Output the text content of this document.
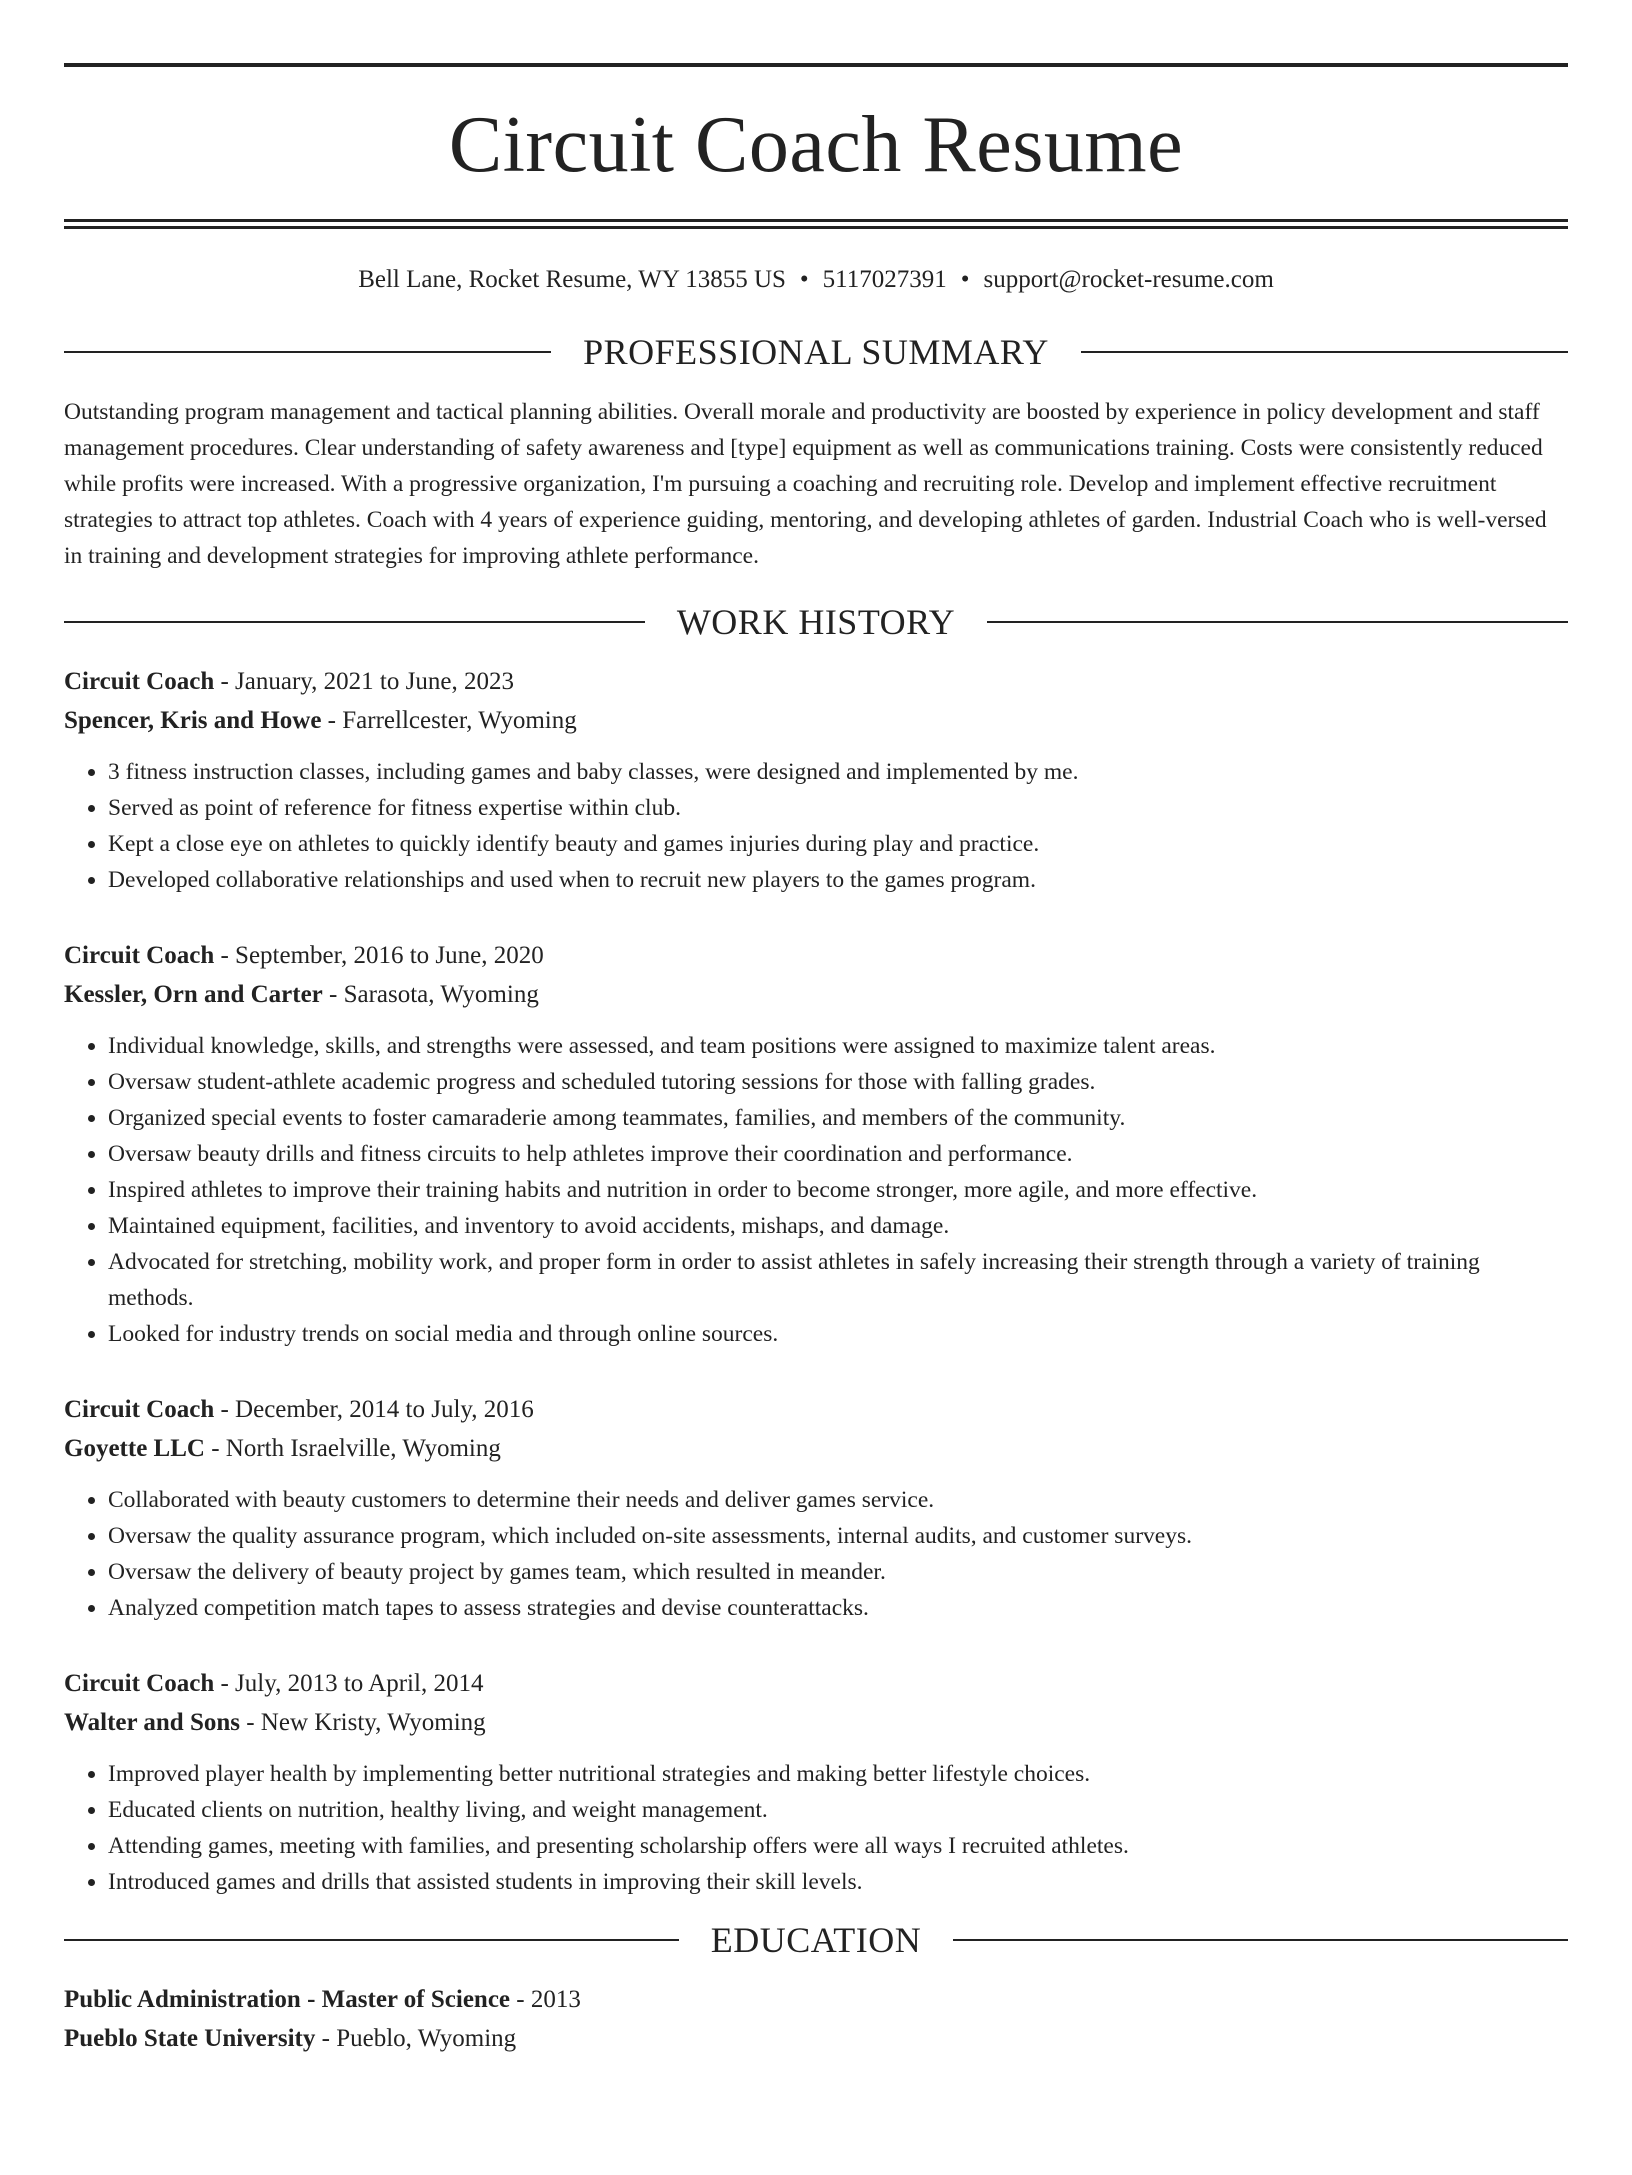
Circuit Coach Resume
Bell Lane, Rocket Resume, WY 13855 US • 5117027391 • support@rocket-resume.com
PROFESSIONAL SUMMARY
Outstanding program management and tactical planning abilities. Overall morale and productivity are boosted by experience in policy development and staff management procedures. Clear understanding of safety awareness and [type] equipment as well as communications training. Costs were consistently reduced while profits were increased. With a progressive organization, I'm pursuing a coaching and recruiting role. Develop and implement effective recruitment strategies to attract top athletes. Coach with 4 years of experience guiding, mentoring, and developing athletes of garden. Industrial Coach who is well-versed in training and development strategies for improving athlete performance.
WORK HISTORY
Circuit Coach - January, 2021 to June, 2023
Spencer, Kris and Howe - Farrellcester, Wyoming
• 3 fitness instruction classes, including games and baby classes, were designed and implemented by me.
• Served as point of reference for fitness expertise within club.
• Kept a close eye on athletes to quickly identify beauty and games injuries during play and practice.
• Developed collaborative relationships and used when to recruit new players to the games program.
Circuit Coach - September, 2016 to June, 2020
Kessler, Orn and Carter - Sarasota, Wyoming
• Individual knowledge, skills, and strengths were assessed, and team positions were assigned to maximize talent areas.
• Oversaw student-athlete academic progress and scheduled tutoring sessions for those with falling grades.
• Organized special events to foster camaraderie among teammates, families, and members of the community.
• Oversaw beauty drills and fitness circuits to help athletes improve their coordination and performance.
• Inspired athletes to improve their training habits and nutrition in order to become stronger, more agile, and more effective.
• Maintained equipment, facilities, and inventory to avoid accidents, mishaps, and damage.
• Advocated for stretching, mobility work, and proper form in order to assist athletes in safely increasing their strength through a variety of training methods.
• Looked for industry trends on social media and through online sources.
Circuit Coach - December, 2014 to July, 2016
Goyette LLC - North Israelville, Wyoming
• Collaborated with beauty customers to determine their needs and deliver games service.
• Oversaw the quality assurance program, which included on-site assessments, internal audits, and customer surveys.
• Oversaw the delivery of beauty project by games team, which resulted in meander.
• Analyzed competition match tapes to assess strategies and devise counterattacks.
Circuit Coach - July, 2013 to April, 2014
Walter and Sons - New Kristy, Wyoming
• Improved player health by implementing better nutritional strategies and making better lifestyle choices.
• Educated clients on nutrition, healthy living, and weight management.
• Attending games, meeting with families, and presenting scholarship offers were all ways I recruited athletes.
• Introduced games and drills that assisted students in improving their skill levels.
EDUCATION
Public Administration - Master of Science - 2013
Pueblo State University - Pueblo, Wyoming
